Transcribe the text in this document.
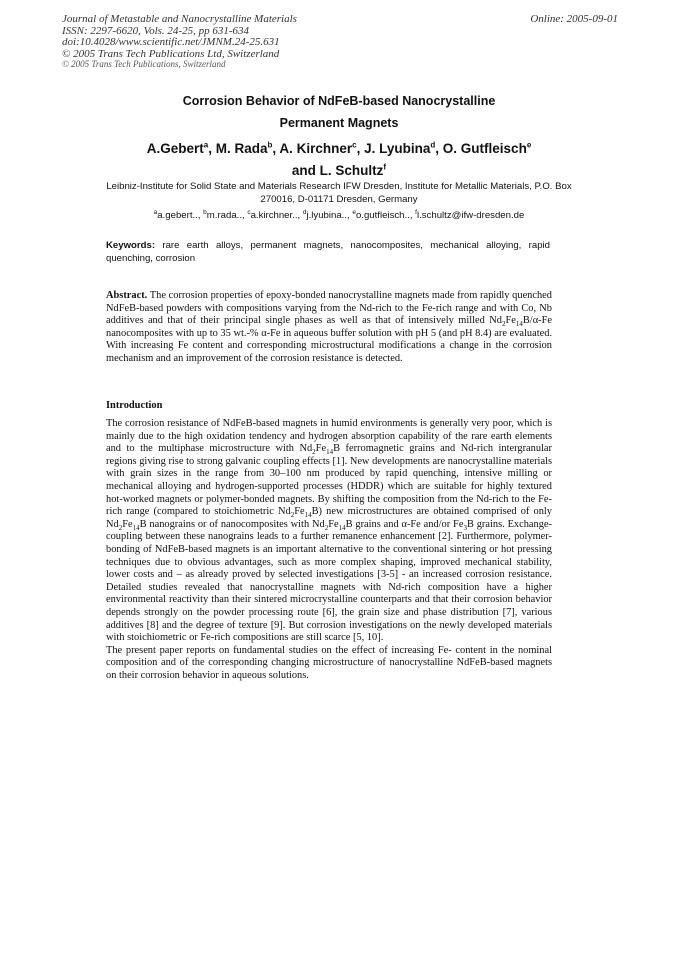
Journal of Metastable and Nanocrystalline Materials
ISSN: 2297-6620, Vols. 24-25, pp 631-634
doi:10.4028/www.scientific.net/JMNM.24-25.631
© 2005 Trans Tech Publications Ltd, Switzerland
© 2005 Trans Tech Publications, Switzerland
Online: 2005-09-01
Corrosion Behavior of NdFeB-based Nanocrystalline
Permanent Magnets
A.Gebert$^a$, M. Rada$^b$, A. Kirchner$^c$, J. Lyubina$^d$, O. Gutfleisch$^e$
and L. Schultz$^f$
Leibniz-Institute for Solid State and Materials Research IFW Dresden, Institute for Metallic Materials, P.O. Box 270016, D-01171 Dresden, Germany
$^a$a.gebert.., $^b$m.rada.., $^c$a.kirchner.., $^d$j.lyubina.., $^e$o.gutfleisch.., $^f$l.schultz@ifw-dresden.de
Keywords: rare earth alloys, permanent magnets, nanocomposites, mechanical alloying, rapid quenching, corrosion
Abstract. The corrosion properties of epoxy-bonded nanocrystalline magnets made from rapidly quenched NdFeB-based powders with compositions varying from the Nd-rich to the Fe-rich range and with Co, Nb additives and that of their principal single phases as well as that of intensively milled $Nd_2Fe_{14}B/\alpha-Fe$ nanocomposites with up to 35 wt.-% α-Fe in aqueous buffer solution with pH 5 (and pH 8.4) are evaluated. With increasing Fe content and corresponding microstructural modifications a change in the corrosion mechanism and an improvement of the corrosion resistance is detected.
Introduction

The corrosion resistance of NdFeB-based magnets in humid environments is generally very poor, which is mainly due to the high oxidation tendency and hydrogen absorption capability of the rare earth elements and to the multiphase microstructure with $Nd_2Fe_{14}B$ ferromagnetic grains and Nd-rich intergranular regions giving rise to strong galvanic coupling effects [1]. New developments are nanocrystalline materials with grain sizes in the range from 30–100 nm produced by rapid quenching, intensive milling or mechanical alloying and hydrogen-supported processes (HDDR) which are suitable for highly textured hot-worked magnets or polymer-bonded magnets. By shifting the composition from the Nd-rich to the Fe-rich range (compared to stoichiometric $Nd_2Fe_{14}B$) new microstructures are obtained comprised of only $Nd_2Fe_{14}B$ nanograins or of nanocomposites with $Nd_2Fe_{14}B$ grains and α-Fe and/or $Fe_3B$ grains. Exchange-coupling between these nanograins leads to a further remanence enhancement [2]. Furthermore, polymer-bonding of NdFeB-based magnets is an important alternative to the conventional sintering or hot pressing techniques due to obvious advantages, such as more complex shaping, improved mechanical stability, lower costs and – as already proved by selected investigations [3-5] - an increased corrosion resistance. Detailed studies revealed that nanocrystalline magnets with Nd-rich composition have a higher environmental reactivity than their sintered microcrystalline counterparts and that their corrosion behavior depends strongly on the powder processing route [6], the grain size and phase distribution [7], various additives [8] and the degree of texture [9]. But corrosion investigations on the newly developed materials with stoichiometric or Fe-rich compositions are still scarce [5, 10].

The present paper reports on fundamental studies on the effect of increasing Fe- content in the nominal composition and of the corresponding changing microstructure of nanocrystalline NdFeB-based magnets on their corrosion behavior in aqueous solutions.
